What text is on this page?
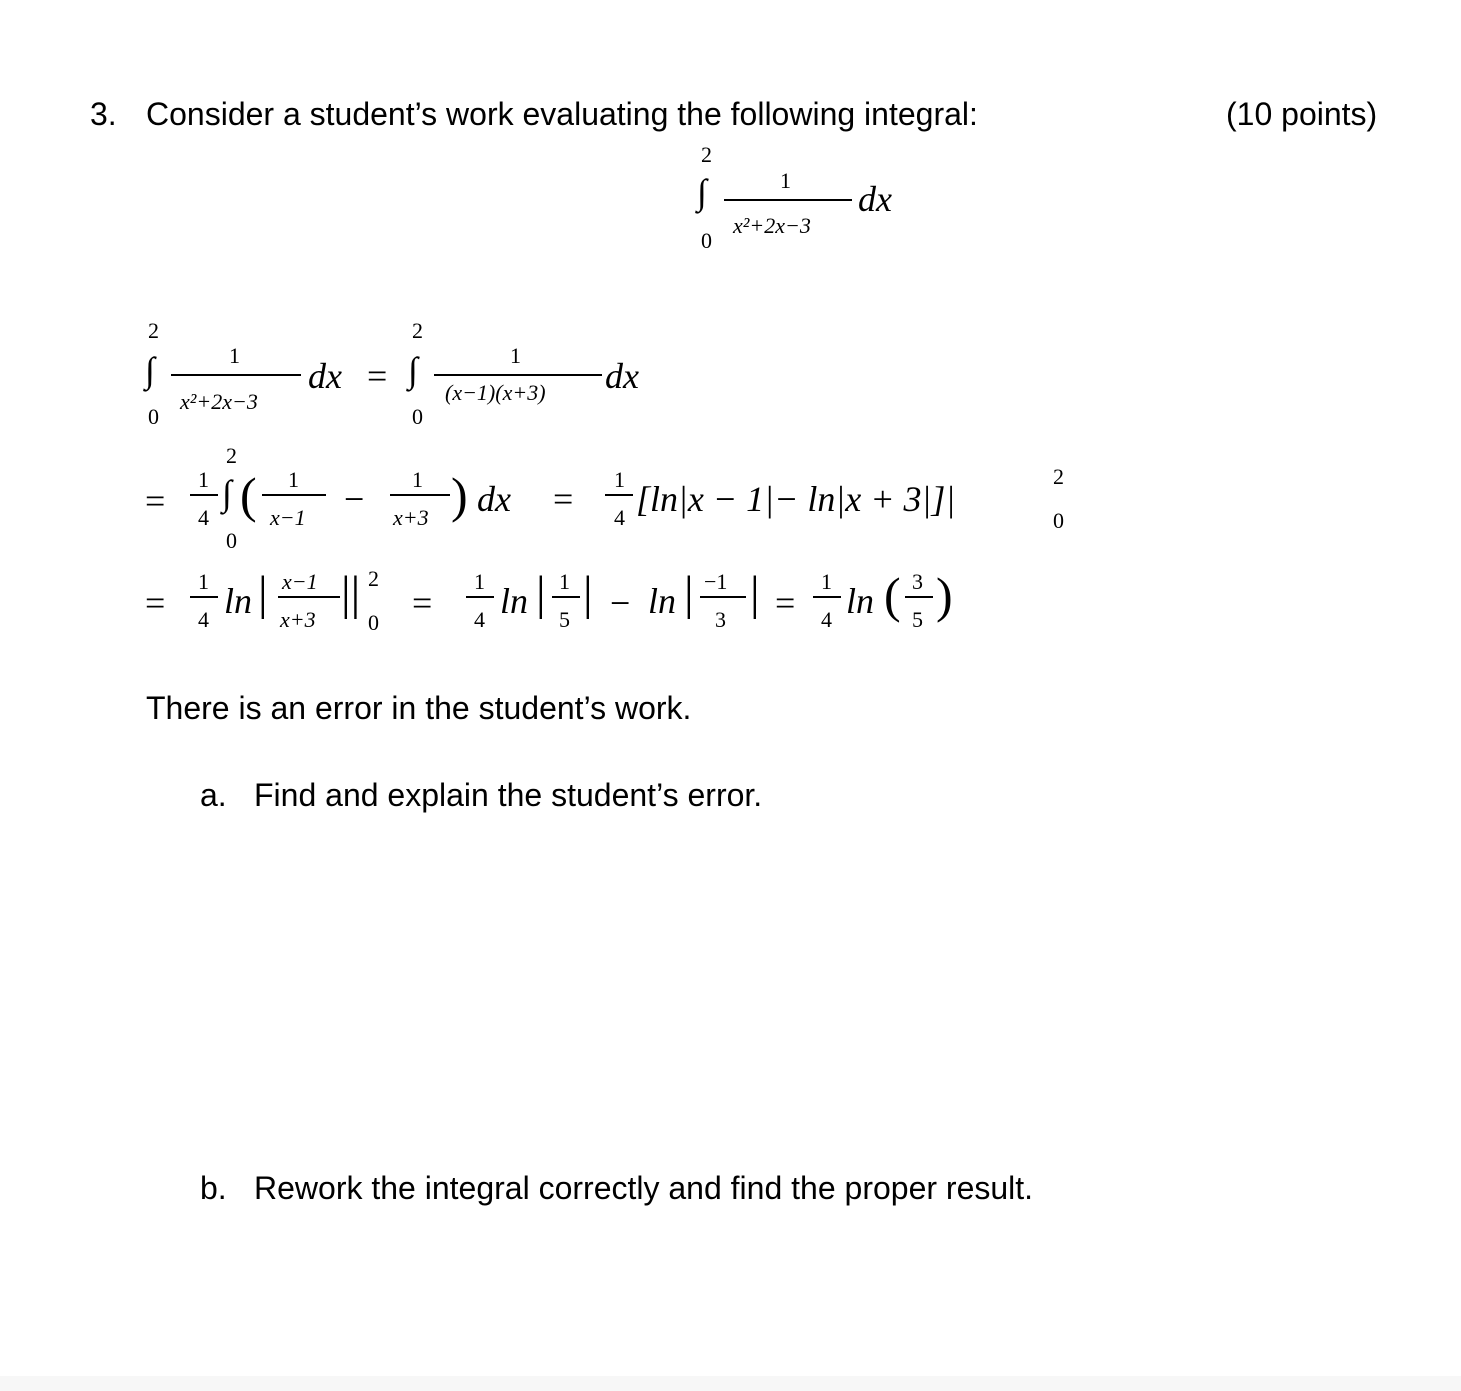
3. Consider a student’s work evaluating the following integral:	(10 points)
2
∫
0
1
x²+2x−3
dx
2
∫
0
1
x²+2x−3
dx =
2
∫
0
1
(x−1)(x+3) dx
=
1
4
2
∫
0
( 1
x−1 − 1
x+3 ) dx = 1
4 [ln|x − 1|− ln|x + 3|]|
2
0
=
1
4 ln | x−1
x+3 || 2
0 =
1
4 ln | 1
5 | − ln | −1
3 | =
1
4 ln ( 3
5 )
There is an error in the student’s work.
a. Find and explain the student’s error.
b. Rework the integral correctly and find the proper result.
